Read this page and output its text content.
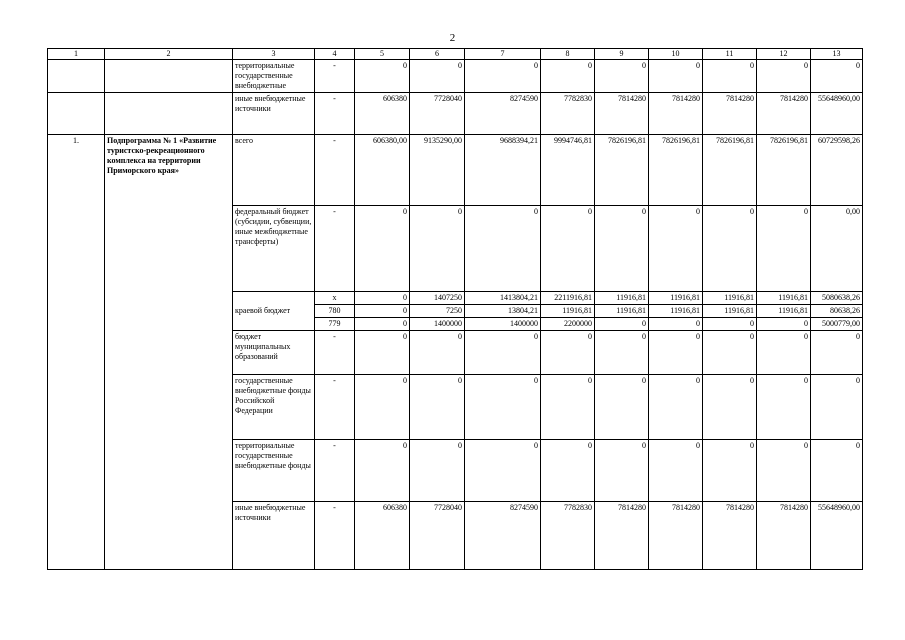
2
1	2	3	4	5	6	7	8	9	10	11	12	13
		территориальные государственные внебюджетные	-	0	0	0	0	0	0	0	0	0
		иные внебюджетные источники	-	606380	7728040	8274590	7782830	7814280	7814280	7814280	7814280	55648960,00
1.	Подпрограмма № 1 «Развитие туристско-рекреационного комплекса на территории Приморского края»	всего	-	606380,00	9135290,00	9688394,21	9994746,81	7826196,81	7826196,81	7826196,81	7826196,81	60729598,26
		федеральный бюджет (субсидии, субвенции, иные межбюджетные трансферты)	-	0	0	0	0	0	0	0	0	0,00
		краевой бюджет	x	0	1407250	1413804,21	2211916,81	11916,81	11916,81	11916,81	11916,81	5080638,26
			780	0	7250	13804,21	11916,81	11916,81	11916,81	11916,81	11916,81	80638,26
			779	0	1400000	1400000	2200000	0	0	0	0	5000779,00
		бюджет муниципальных образований	-	0	0	0	0	0	0	0	0	0
		государственные внебюджетные фонды Российской Федерации	-	0	0	0	0	0	0	0	0	0
		территориальные государственные внебюджетные фонды	-	0	0	0	0	0	0	0	0	0
		иные внебюджетные источники	-	606380	7728040	8274590	7782830	7814280	7814280	7814280	7814280	55648960,00
